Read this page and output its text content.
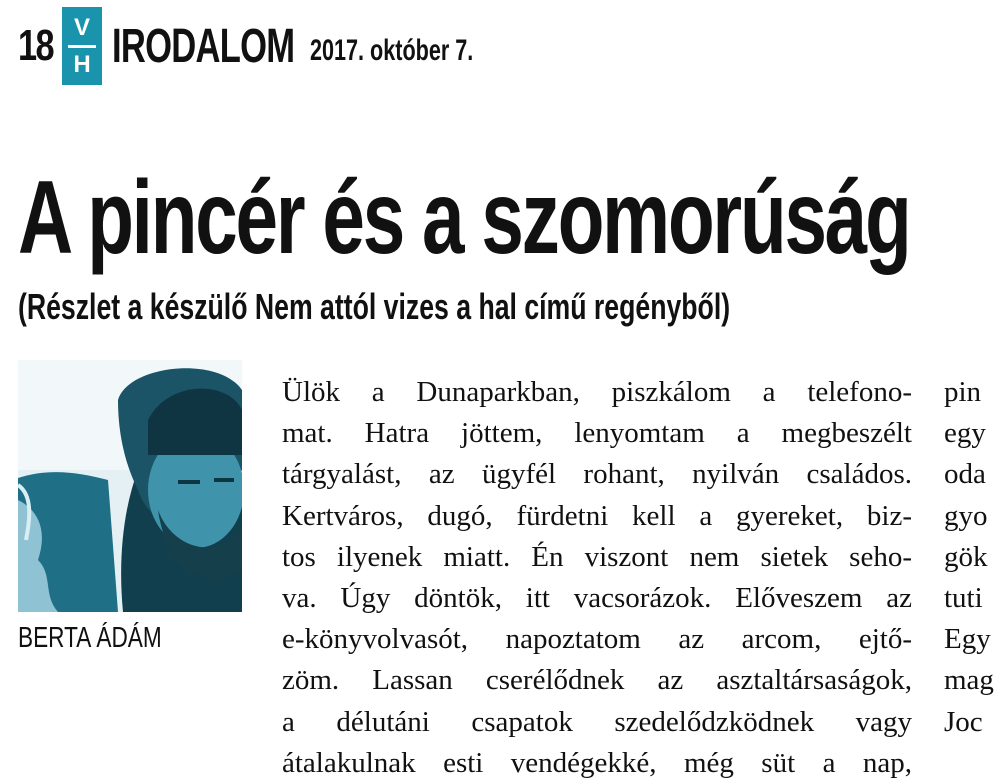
18 V
H IRODALOM 2017. október 7.
A pincér és a szomorúság
(Részlet a készülő Nem attól vizes a hal című regényből)
BERTA ÁDÁM
Ülök a Dunaparkban, piszkálom a telefono-
mat. Hatra jöttem, lenyomtam a megbeszélt
tárgyalást, az ügyfél rohant, nyilván családos.
Kertváros, dugó, fürdetni kell a gyereket, biz-
tos ilyenek miatt. Én viszont nem sietek seho-
va. Úgy döntök, itt vacsorázok. Előveszem az
e-könyvolvasót, napoztatom az arcom, ejtő-
zöm. Lassan cserélődnek az asztaltársaságok,
a délutáni csapatok szedelődzködnek vagy
átalakulnak esti vendégekké, még süt a nap,
pin
egy
oda
gyo
gök
tuti
Egy
mag
Joc
